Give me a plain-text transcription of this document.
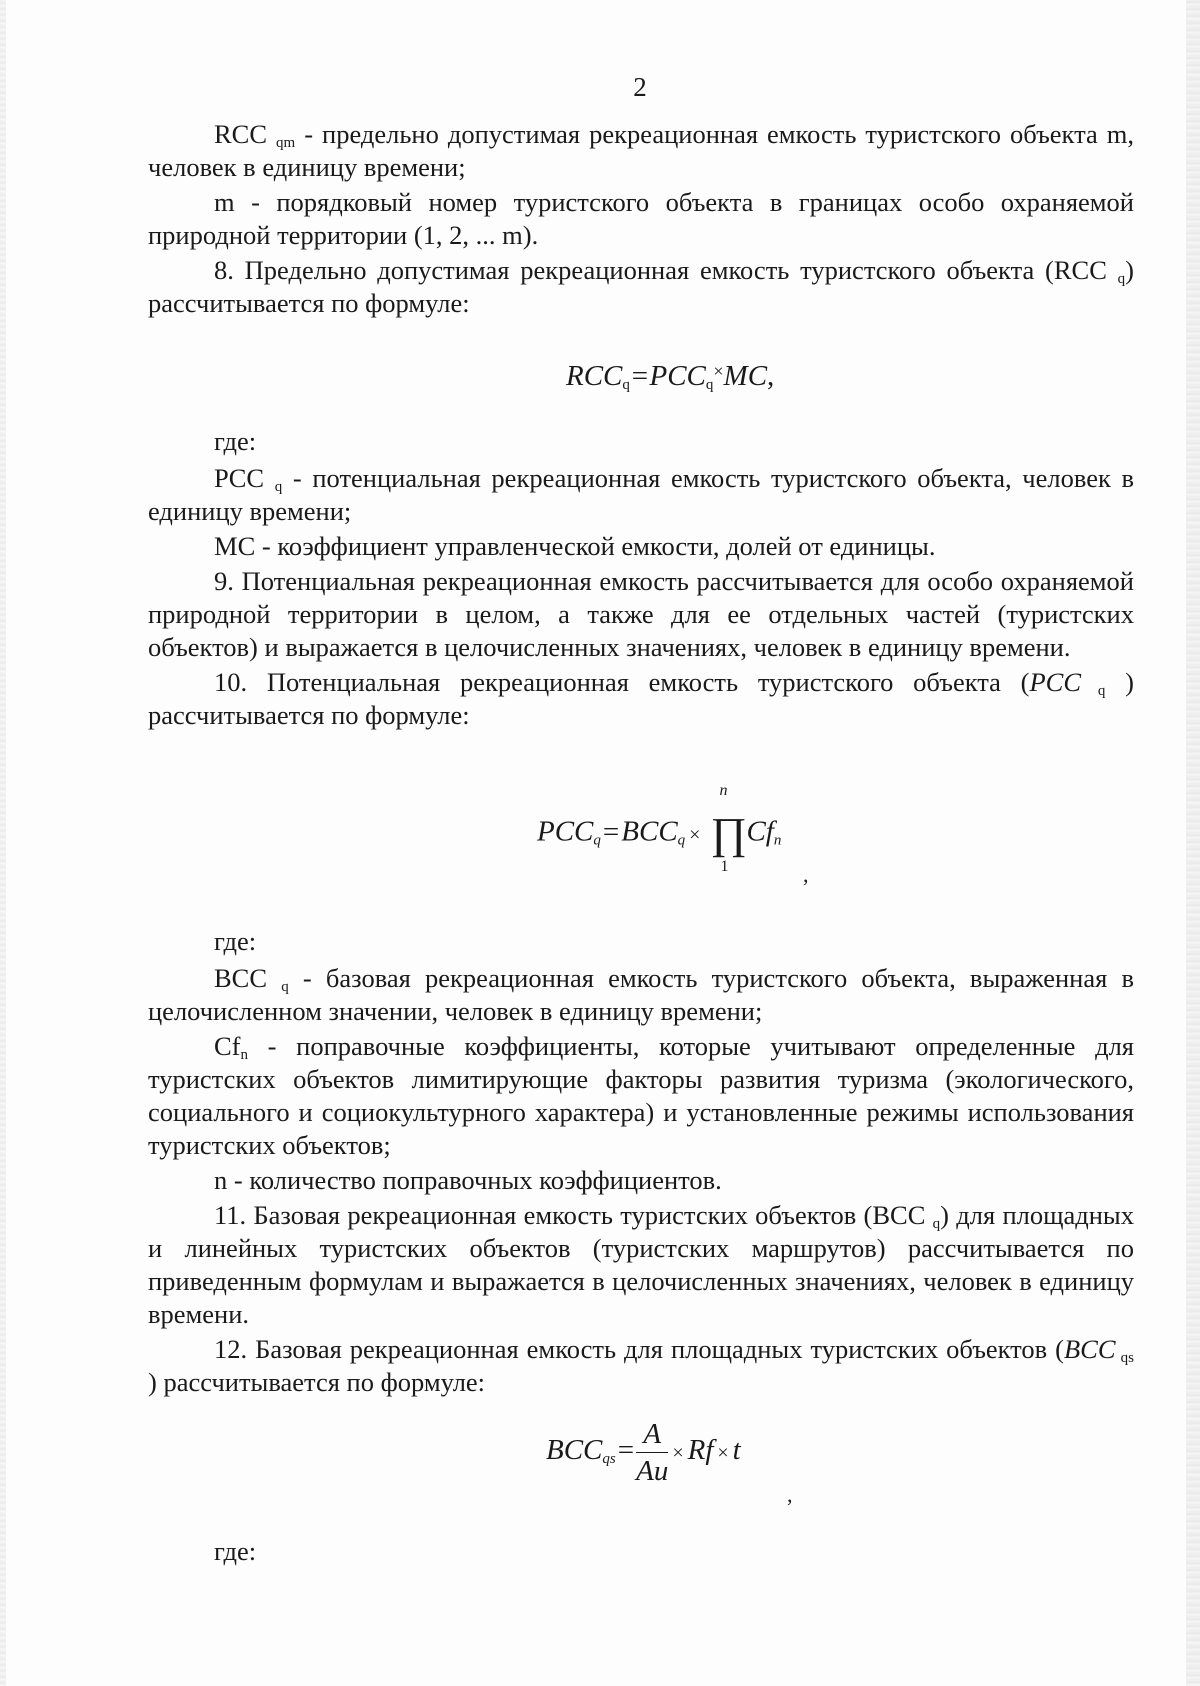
2

RCC $_{qm}$ - предельно допустимая рекреационная емкость туристского объекта m, человек в единицу времени;

m - порядковый номер туристского объекта в границах особо охраняемой природной территории (1, 2, ... m).

8. Предельно допустимая рекреационная емкость туристского объекта (RCC $_q$) рассчитывается по формуле:

$RCC_q=PCC_q^\times MC$,
где:

PCC $_q$ - потенциальная рекреационная емкость туристского объекта, человек в единицу времени;

MC - коэффициент управленческой емкости, долей от единицы.

9. Потенциальная рекреационная емкость рассчитывается для особо охраняемой природной территории в целом, а также для ее отдельных частей (туристских объектов) и выражается в целочисленных значениях, человек в единицу времени.

10. Потенциальная рекреационная емкость туристского объекта (PCC $_q$ ) рассчитывается по формуле:

$PCC_q=BCC_q$ × ∏
n
1
$Cf_n$
,
где:

BCC $_q$ - базовая рекреационная емкость туристского объекта, выраженная в целочисленном значении, человек в единицу времени;

$Cf_n$ - поправочные коэффициенты, которые учитывают определенные для туристских объектов лимитирующие факторы развития туризма (экологического, социального и социокультурного характера) и установленные режимы использования туристских объектов;

n - количество поправочных коэффициентов.

11. Базовая рекреационная емкость туристских объектов (BCC $_q$) для площадных и линейных туристских объектов (туристских маршрутов) рассчитывается по приведенным формулам и выражается в целочисленных значениях, человек в единицу времени.

12. Базовая рекреационная емкость для площадных туристских объектов (BCC $_{qs}$ ) рассчитывается по формуле:

$BCC_{qs}= \frac{A}{Au} \times Rf \times t$
,
где:
